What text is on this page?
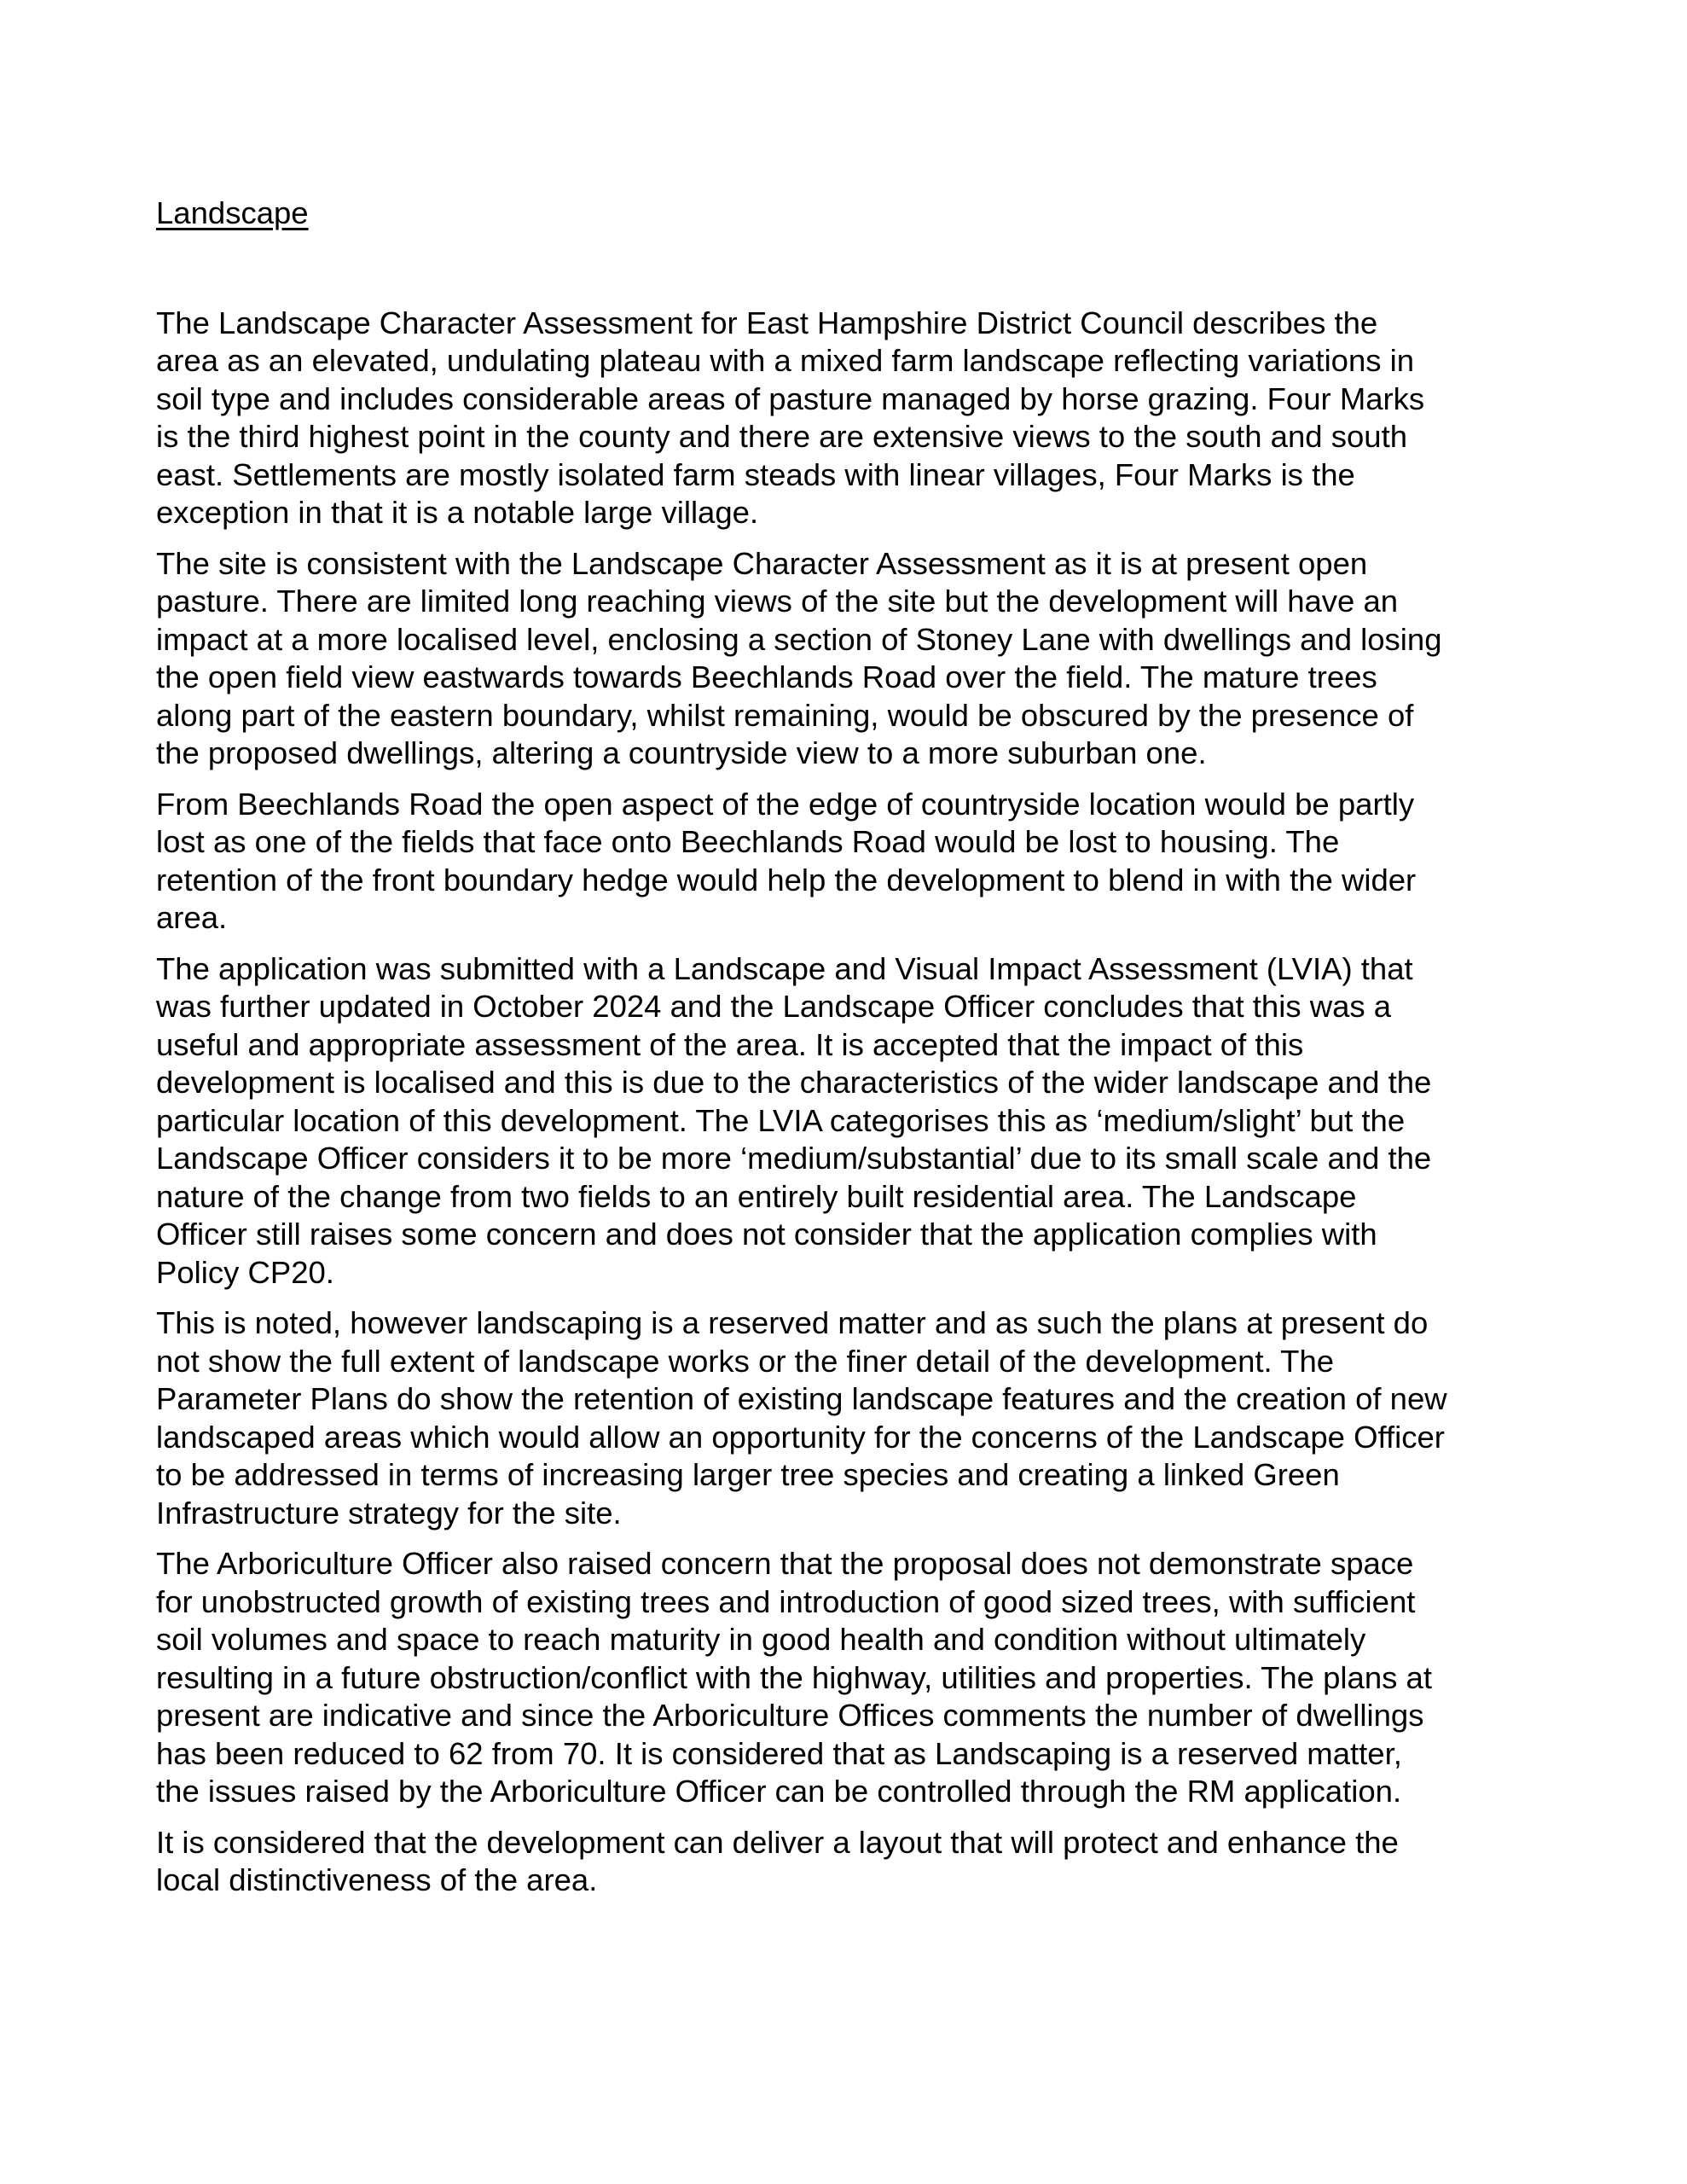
Landscape

The Landscape Character Assessment for East Hampshire District Council describes the
area as an elevated, undulating plateau with a mixed farm landscape reflecting variations in
soil type and includes considerable areas of pasture managed by horse grazing. Four Marks
is the third highest point in the county and there are extensive views to the south and south
east. Settlements are mostly isolated farm steads with linear villages, Four Marks is the
exception in that it is a notable large village.

The site is consistent with the Landscape Character Assessment as it is at present open
pasture. There are limited long reaching views of the site but the development will have an
impact at a more localised level, enclosing a section of Stoney Lane with dwellings and losing
the open field view eastwards towards Beechlands Road over the field. The mature trees
along part of the eastern boundary, whilst remaining, would be obscured by the presence of
the proposed dwellings, altering a countryside view to a more suburban one.

From Beechlands Road the open aspect of the edge of countryside location would be partly
lost as one of the fields that face onto Beechlands Road would be lost to housing. The
retention of the front boundary hedge would help the development to blend in with the wider
area.

The application was submitted with a Landscape and Visual Impact Assessment (LVIA) that
was further updated in October 2024 and the Landscape Officer concludes that this was a
useful and appropriate assessment of the area. It is accepted that the impact of this
development is localised and this is due to the characteristics of the wider landscape and the
particular location of this development. The LVIA categorises this as ‘medium/slight’ but the
Landscape Officer considers it to be more ‘medium/substantial’ due to its small scale and the
nature of the change from two fields to an entirely built residential area. The Landscape
Officer still raises some concern and does not consider that the application complies with
Policy CP20.

This is noted, however landscaping is a reserved matter and as such the plans at present do
not show the full extent of landscape works or the finer detail of the development. The
Parameter Plans do show the retention of existing landscape features and the creation of new
landscaped areas which would allow an opportunity for the concerns of the Landscape Officer
to be addressed in terms of increasing larger tree species and creating a linked Green
Infrastructure strategy for the site.

The Arboriculture Officer also raised concern that the proposal does not demonstrate space
for unobstructed growth of existing trees and introduction of good sized trees, with sufficient
soil volumes and space to reach maturity in good health and condition without ultimately
resulting in a future obstruction/conflict with the highway, utilities and properties. The plans at
present are indicative and since the Arboriculture Offices comments the number of dwellings
has been reduced to 62 from 70. It is considered that as Landscaping is a reserved matter,
the issues raised by the Arboriculture Officer can be controlled through the RM application.

It is considered that the development can deliver a layout that will protect and enhance the
local distinctiveness of the area.
